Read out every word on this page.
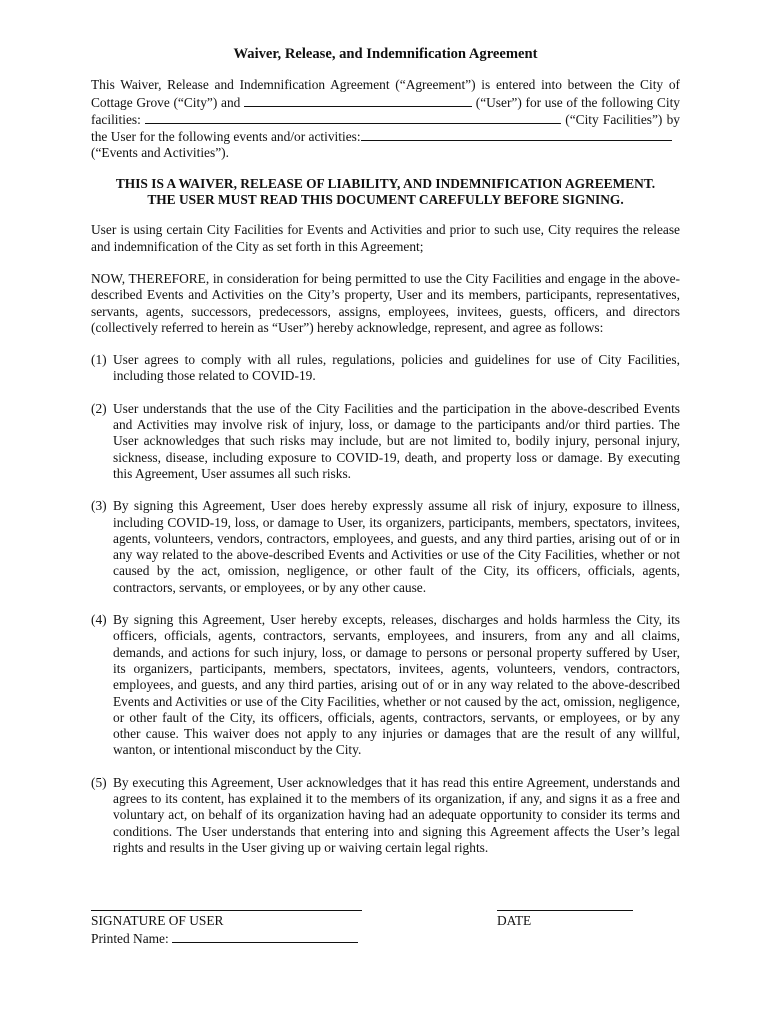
Waiver, Release, and Indemnification Agreement

This Waiver, Release and Indemnification Agreement (“Agreement”) is entered into between the City of

Cottage Grove (“City”) and	(“User”) for use of the following City

facilities:	(“City Facilities”) by

the User for the following events and/or activities:

(“Events and Activities”).

THIS IS A WAIVER, RELEASE OF LIABILITY, AND INDEMNIFICATION AGREEMENT.
THE USER MUST READ THIS DOCUMENT CAREFULLY BEFORE SIGNING.

User is using certain City Facilities for Events and Activities and prior to such use, City requires the release and indemnification of the City as set forth in this Agreement;

NOW, THEREFORE, in consideration for being permitted to use the City Facilities and engage in the above-described Events and Activities on the City’s property, User and its members, participants, representatives, servants, agents, successors, predecessors, assigns, employees, invitees, guests, officers, and directors (collectively referred to herein as “User”) hereby acknowledge, represent, and agree as follows:

(1) User agrees to comply with all rules, regulations, policies and guidelines for use of City Facilities, including those related to COVID-19.
(2) User understands that the use of the City Facilities and the participation in the above-described Events and Activities may involve risk of injury, loss, or damage to the participants and/or third parties. The User acknowledges that such risks may include, but are not limited to, bodily injury, personal injury, sickness, disease, including exposure to COVID-19, death, and property loss or damage. By executing this Agreement, User assumes all such risks.
(3) By signing this Agreement, User does hereby expressly assume all risk of injury, exposure to illness, including COVID-19, loss, or damage to User, its organizers, participants, members, spectators, invitees, agents, volunteers, vendors, contractors, employees, and guests, and any third parties, arising out of or in any way related to the above-described Events and Activities or use of the City Facilities, whether or not caused by the act, omission, negligence, or other fault of the City, its officers, officials, agents, contractors, servants, or employees, or by any other cause.
(4) By signing this Agreement, User hereby excepts, releases, discharges and holds harmless the City, its officers, officials, agents, contractors, servants, employees, and insurers, from any and all claims, demands, and actions for such injury, loss, or damage to persons or personal property suffered by User, its organizers, participants, members, spectators, invitees, agents, volunteers, vendors, contractors, employees, and guests, and any third parties, arising out of or in any way related to the above-described Events and Activities or use of the City Facilities, whether or not caused by the act, omission, negligence, or other fault of the City, its officers, officials, agents, contractors, servants, or employees, or by any other cause. This waiver does not apply to any injuries or damages that are the result of any willful, wanton, or intentional misconduct by the City.
(5) By executing this Agreement, User acknowledges that it has read this entire Agreement, understands and agrees to its content, has explained it to the members of its organization, if any, and signs it as a free and voluntary act, on behalf of its organization having had an adequate opportunity to consider its terms and conditions. The User understands that entering into and signing this Agreement affects the User’s legal rights and results in the User giving up or waiving certain legal rights.
SIGNATURE OF USER	DATE
Printed Name:
